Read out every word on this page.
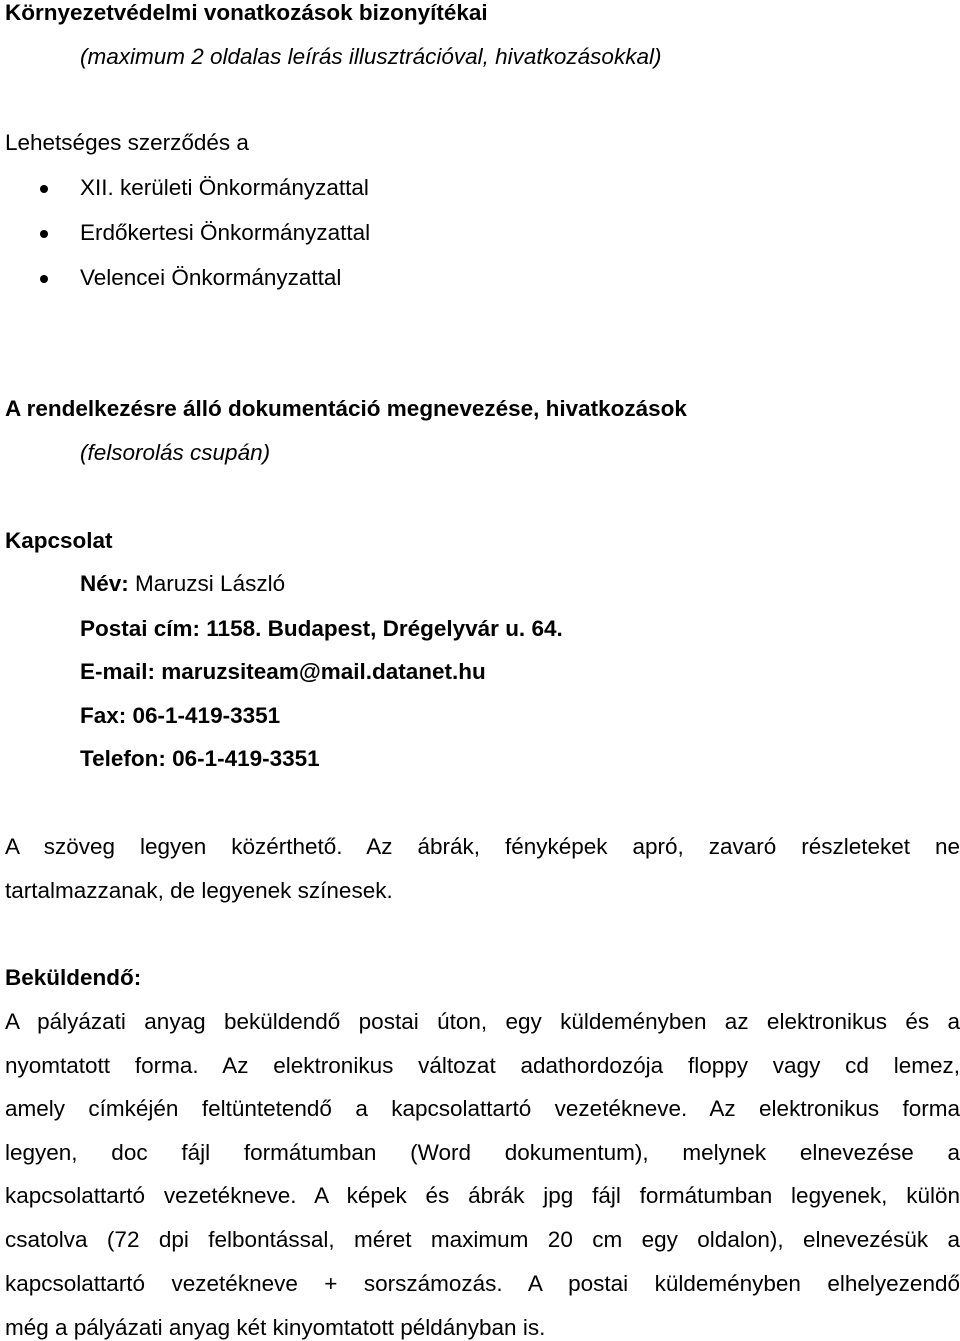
Környezetvédelmi vonatkozások bizonyítékai
(maximum 2 oldalas leírás illusztrációval, hivatkozásokkal)
Lehetséges szerződés a
XII. kerületi Önkormányzattal
Erdőkertesi Önkormányzattal
Velencei Önkormányzattal
A rendelkezésre álló dokumentáció megnevezése, hivatkozások
(felsorolás csupán)
Kapcsolat
Név: Maruzsi László
Postai cím: 1158. Budapest, Drégelyvár u. 64.
E-mail: maruzsiteam@mail.datanet.hu
Fax: 06-1-419-3351
Telefon: 06-1-419-3351
A szöveg legyen közérthető. Az ábrák, fényképek apró, zavaró részleteket ne
tartalmazzanak, de legyenek színesek.
Beküldendő:
A pályázati anyag beküldendő postai úton, egy küldeményben az elektronikus és a
nyomtatott forma. Az elektronikus változat adathordozója floppy vagy cd lemez,
amely címkéjén feltüntetendő a kapcsolattartó vezetékneve. Az elektronikus forma
legyen, doc fájl formátumban (Word dokumentum), melynek elnevezése a
kapcsolattartó vezetékneve. A képek és ábrák jpg fájl formátumban legyenek, külön
csatolva (72 dpi felbontással, méret maximum 20 cm egy oldalon), elnevezésük a
kapcsolattartó vezetékneve + sorszámozás. A postai küldeményben elhelyezendő
még a pályázati anyag két kinyomtatott példányban is.
